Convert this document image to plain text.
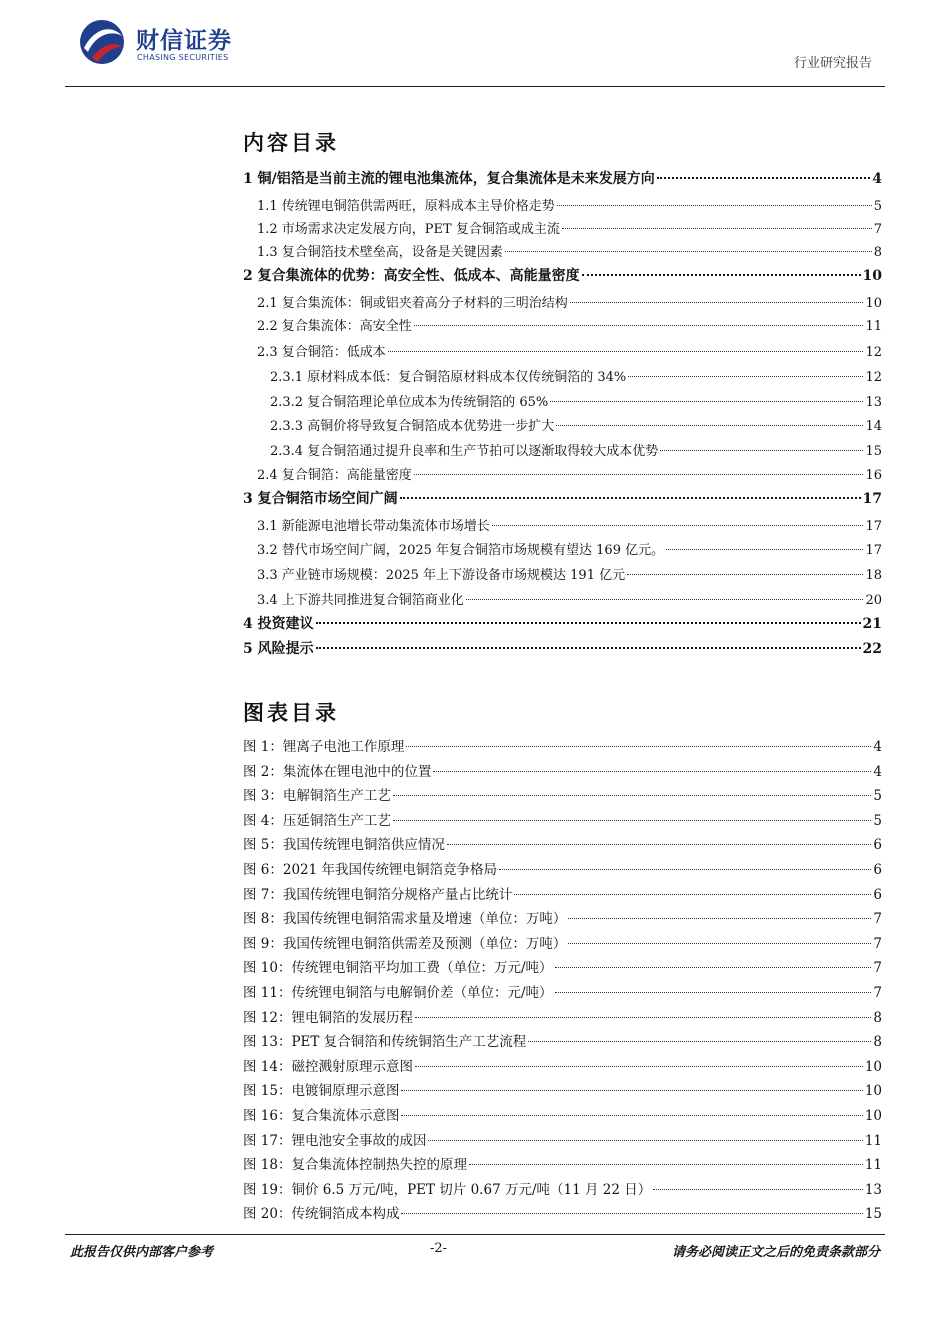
财信证券
CHASING SECURITIES	行业研究报告
内容目录
1 铜/铝箔是当前主流的锂电池集流体，复合集流体是未来发展方向	4
1.1 传统锂电铜箔供需两旺，原料成本主导价格走势	5
1.2 市场需求决定发展方向，PET 复合铜箔或成主流	7
1.3 复合铜箔技术壁垒高，设备是关键因素	8
2 复合集流体的优势：高安全性、低成本、高能量密度	10
2.1 复合集流体：铜或铝夹着高分子材料的三明治结构	10
2.2 复合集流体：高安全性	11
2.3 复合铜箔：低成本	12
2.3.1 原材料成本低：复合铜箔原材料成本仅传统铜箔的 34%	12
2.3.2 复合铜箔理论单位成本为传统铜箔的 65%	13
2.3.3 高铜价将导致复合铜箔成本优势进一步扩大	14
2.3.4 复合铜箔通过提升良率和生产节拍可以逐渐取得较大成本优势	15
2.4 复合铜箔：高能量密度	16
3 复合铜箔市场空间广阔	17
3.1 新能源电池增长带动集流体市场增长	17
3.2 替代市场空间广阔，2025 年复合铜箔市场规模有望达 169 亿元。	17
3.3 产业链市场规模：2025 年上下游设备市场规模达 191 亿元	18
3.4 上下游共同推进复合铜箔商业化	20
4 投资建议	21
5 风险提示	22
图表目录
图 1：锂离子电池工作原理	4
图 2：集流体在锂电池中的位置	4
图 3：电解铜箔生产工艺	5
图 4：压延铜箔生产工艺	5
图 5：我国传统锂电铜箔供应情况	6
图 6：2021 年我国传统锂电铜箔竞争格局	6
图 7：我国传统锂电铜箔分规格产量占比统计	6
图 8：我国传统锂电铜箔需求量及增速（单位：万吨）	7
图 9：我国传统锂电铜箔供需差及预测（单位：万吨）	7
图 10：传统锂电铜箔平均加工费（单位：万元/吨）	7
图 11：传统锂电铜箔与电解铜价差（单位：元/吨）	7
图 12：锂电铜箔的发展历程	8
图 13：PET 复合铜箔和传统铜箔生产工艺流程	8
图 14：磁控溅射原理示意图	10
图 15：电镀铜原理示意图	10
图 16：复合集流体示意图	10
图 17：锂电池安全事故的成因	11
图 18：复合集流体控制热失控的原理	11
图 19：铜价 6.5 万元/吨，PET 切片 0.67 万元/吨（11 月 22 日）	13
图 20：传统铜箔成本构成	15
此报告仅供内部客户参考	-2-	请务必阅读正文之后的免责条款部分
